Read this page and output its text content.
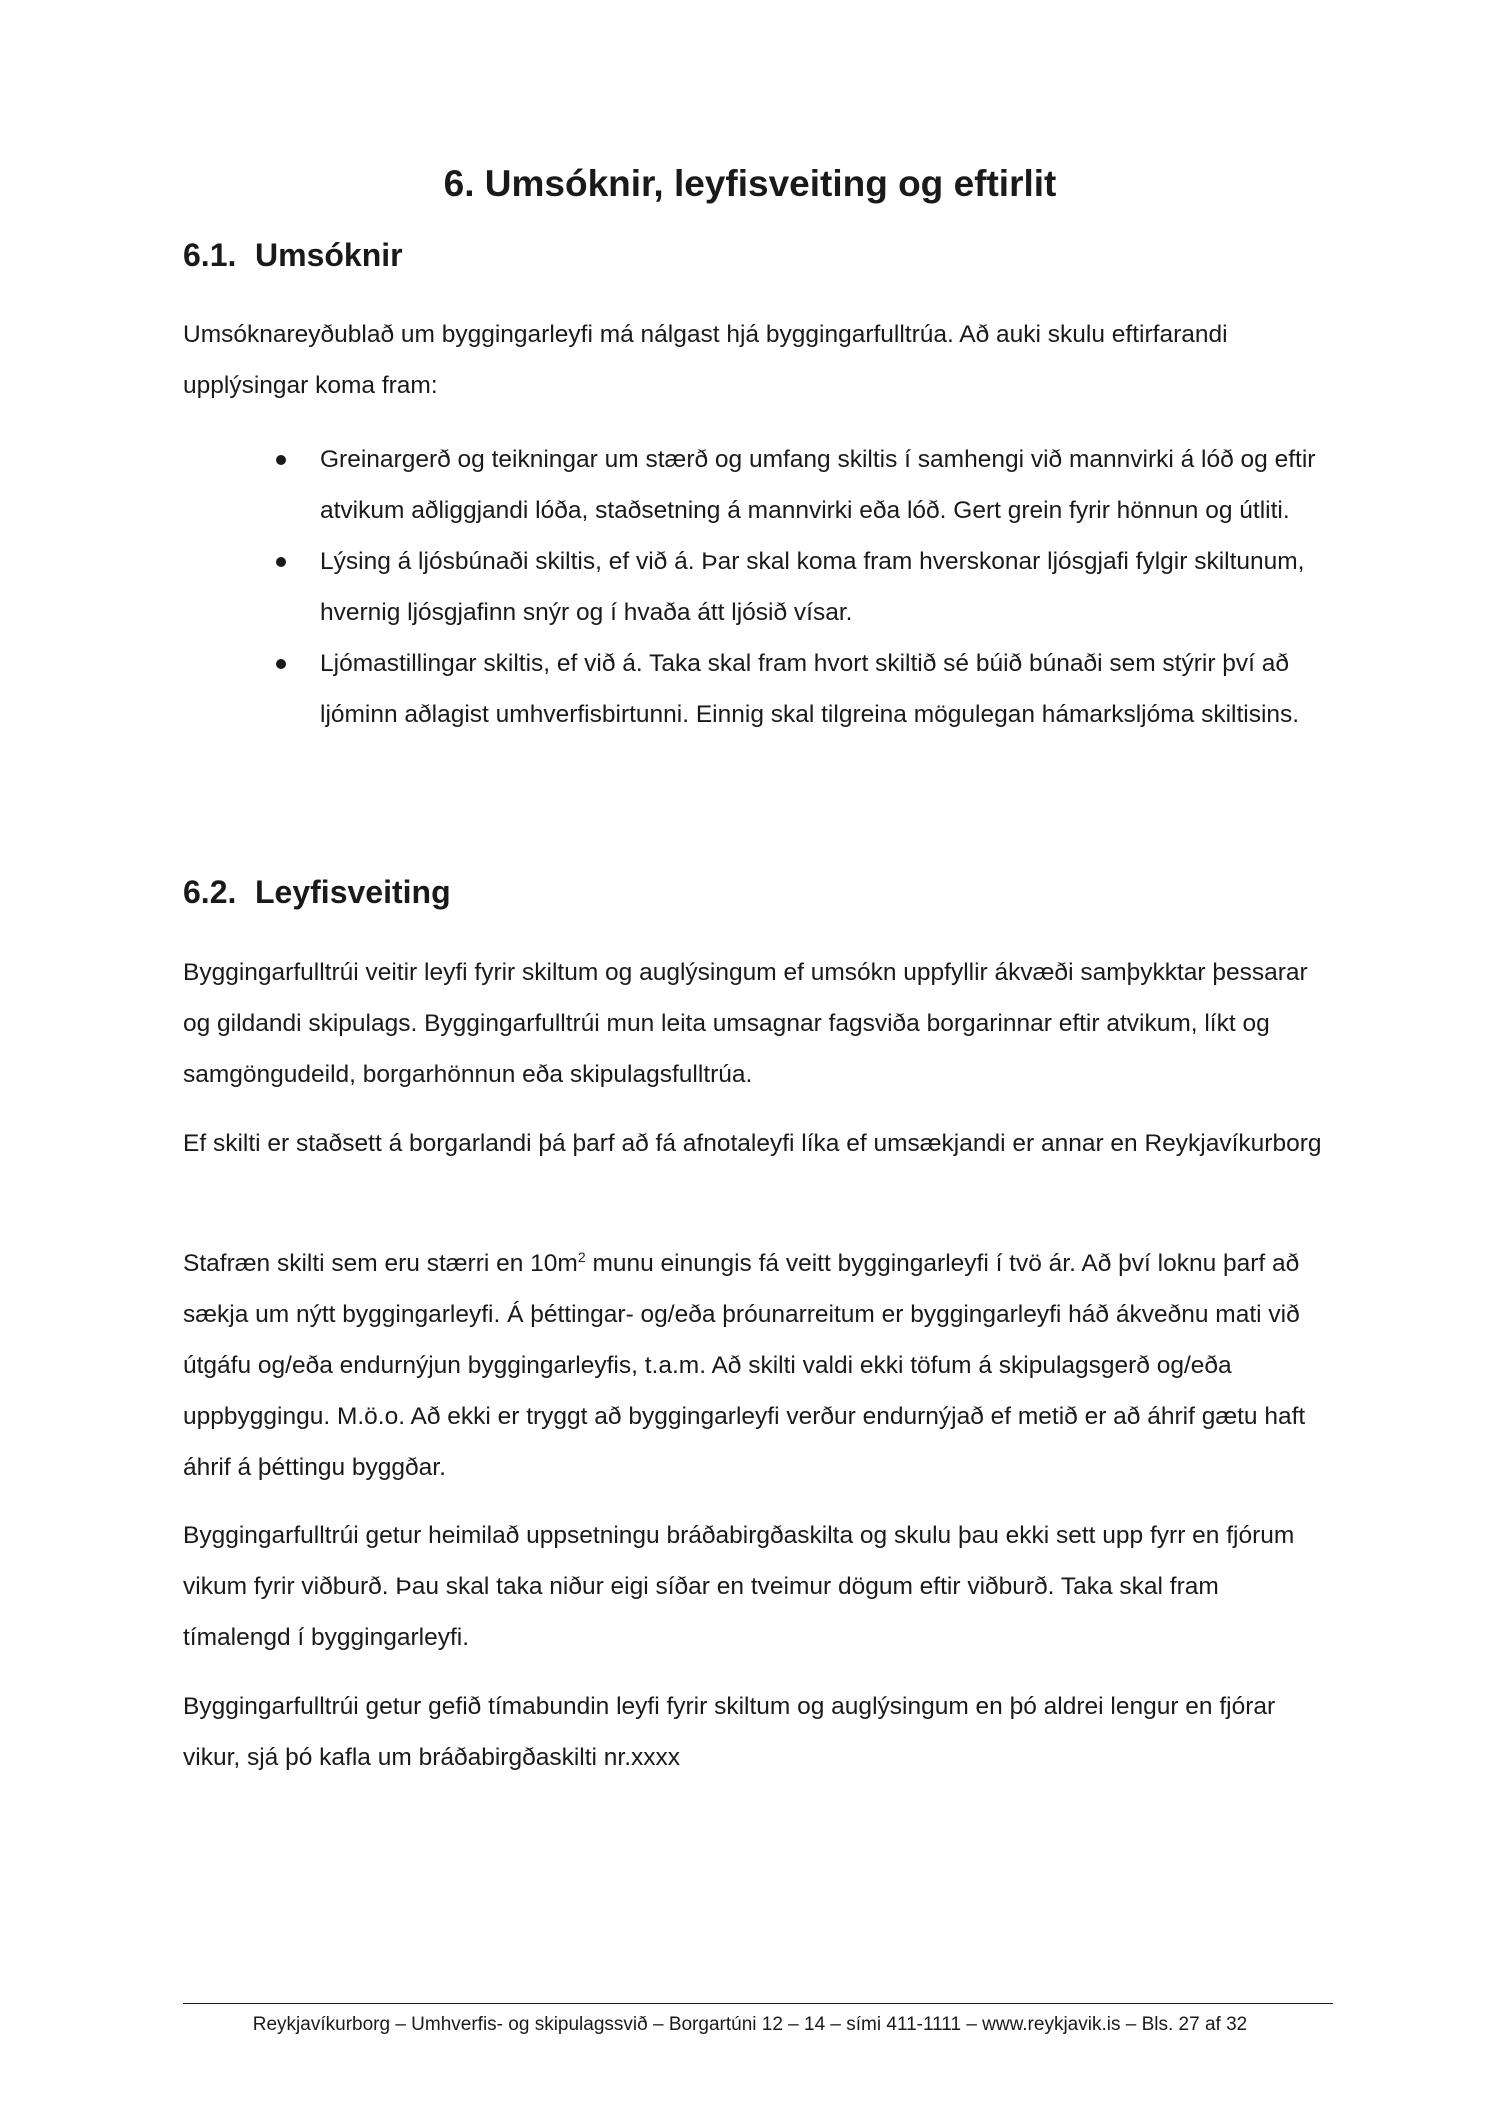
6. Umsóknir, leyfisveiting og eftirlit
6.1. Umsóknir

Umsóknareyðublað um byggingarleyfi má nálgast hjá byggingarfulltrúa. Að auki skulu eftirfarandi

upplýsingar koma fram:

Greinargerð og teikningar um stærð og umfang skiltis í samhengi við mannvirki á lóð og eftir atvikum aðliggjandi lóða, staðsetning á mannvirki eða lóð. Gert grein fyrir hönnun og útliti.
Lýsing á ljósbúnaði skiltis, ef við á. Þar skal koma fram hverskonar ljósgjafi fylgir skiltunum, hvernig ljósgjafinn snýr og í hvaða átt ljósið vísar.
Ljómastillingar skiltis, ef við á. Taka skal fram hvort skiltið sé búið búnaði sem stýrir því að ljóminn aðlagist umhverfisbirtunni. Einnig skal tilgreina mögulegan hámarksljóma skiltisins.
6.2. Leyfisveiting

Byggingarfulltrúi veitir leyfi fyrir skiltum og auglýsingum ef umsókn uppfyllir ákvæði samþykktar þessarar og gildandi skipulags. Byggingarfulltrúi mun leita umsagnar fagsviða borgarinnar eftir atvikum, líkt og samgöngudeild, borgarhönnun eða skipulagsfulltrúa.

Ef skilti er staðsett á borgarlandi þá þarf að fá afnotaleyfi líka ef umsækjandi er annar en Reykjavíkurborg

Stafræn skilti sem eru stærri en $10m^2$ munu einungis fá veitt byggingarleyfi í tvö ár. Að því loknu þarf að sækja um nýtt byggingarleyfi. Á þéttingar- og/eða þróunarreitum er byggingarleyfi háð ákveðnu mati við útgáfu og/eða endurnýjun byggingarleyfis, t.a.m. Að skilti valdi ekki töfum á skipulagsgerð og/eða uppbyggingu. M.ö.o. Að ekki er tryggt að byggingarleyfi verður endurnýjað ef metið er að áhrif gætu haft áhrif á þéttingu byggðar.

Byggingarfulltrúi getur heimilað uppsetningu bráðabirgðaskilta og skulu þau ekki sett upp fyrr en fjórum vikum fyrir viðburð. Þau skal taka niður eigi síðar en tveimur dögum eftir viðburð. Taka skal fram tímalengd í byggingarleyfi.

Byggingarfulltrúi getur gefið tímabundin leyfi fyrir skiltum og auglýsingum en þó aldrei lengur en fjórar vikur, sjá þó kafla um bráðabirgðaskilti nr.xxxx

Reykjavíkurborg – Umhverfis- og skipulagssvið – Borgartúni 12 – 14 – sími 411-1111 – www.reykjavik.is – Bls. 27 af 32
